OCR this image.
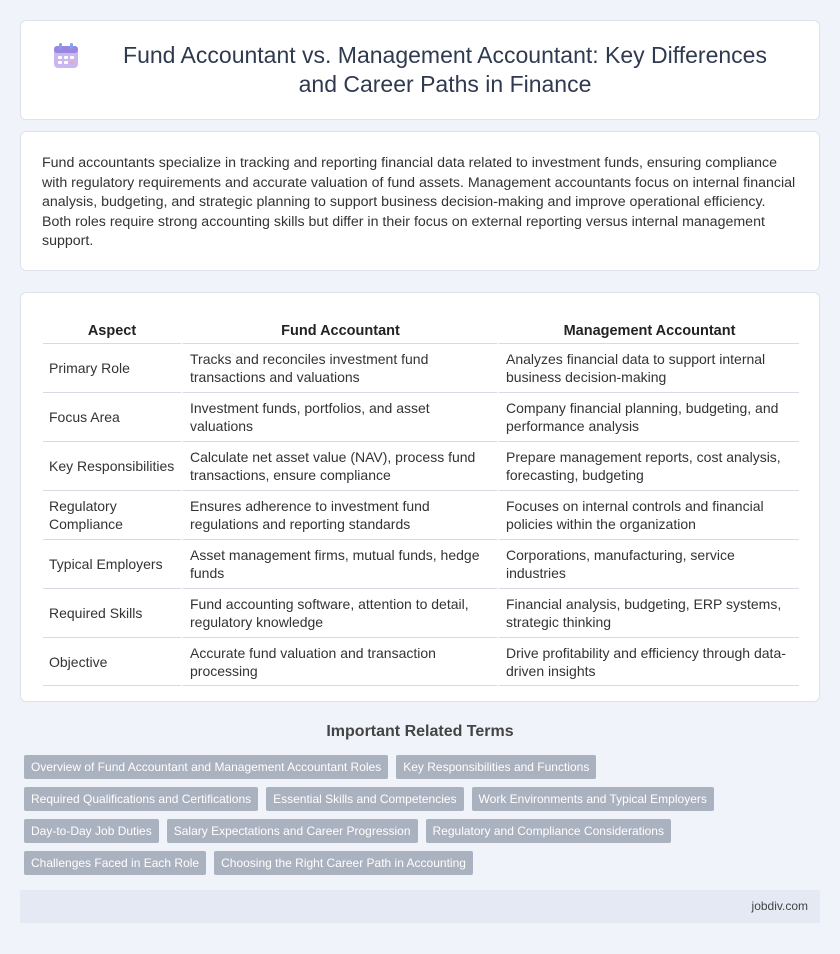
Fund Accountant vs. Management Accountant: Key Differences and Career Paths in Finance

Fund accountants specialize in tracking and reporting financial data related to investment funds, ensuring compliance with regulatory requirements and accurate valuation of fund assets. Management accountants focus on internal financial analysis, budgeting, and strategic planning to support business decision-making and improve operational efficiency. Both roles require strong accounting skills but differ in their focus on external reporting versus internal management support.

Aspect	Fund Accountant	Management Accountant
Primary Role	Tracks and reconciles investment fund transactions and valuations	Analyzes financial data to support internal business decision-making
Focus Area	Investment funds, portfolios, and asset valuations	Company financial planning, budgeting, and performance analysis
Key Responsibilities	Calculate net asset value (NAV), process fund transactions, ensure compliance	Prepare management reports, cost analysis, forecasting, budgeting
Regulatory Compliance	Ensures adherence to investment fund regulations and reporting standards	Focuses on internal controls and financial policies within the organization
Typical Employers	Asset management firms, mutual funds, hedge funds	Corporations, manufacturing, service industries
Required Skills	Fund accounting software, attention to detail, regulatory knowledge	Financial analysis, budgeting, ERP systems, strategic thinking
Objective	Accurate fund valuation and transaction processing	Drive profitability and efficiency through data-driven insights
Important Related Terms
Overview of Fund Accountant and Management Accountant Roles	Key Responsibilities and Functions
Required Qualifications and Certifications	Essential Skills and Competencies	Work Environments and Typical Employers
Day-to-Day Job Duties	Salary Expectations and Career Progression	Regulatory and Compliance Considerations
Challenges Faced in Each Role	Choosing the Right Career Path in Accounting
jobdiv.com
